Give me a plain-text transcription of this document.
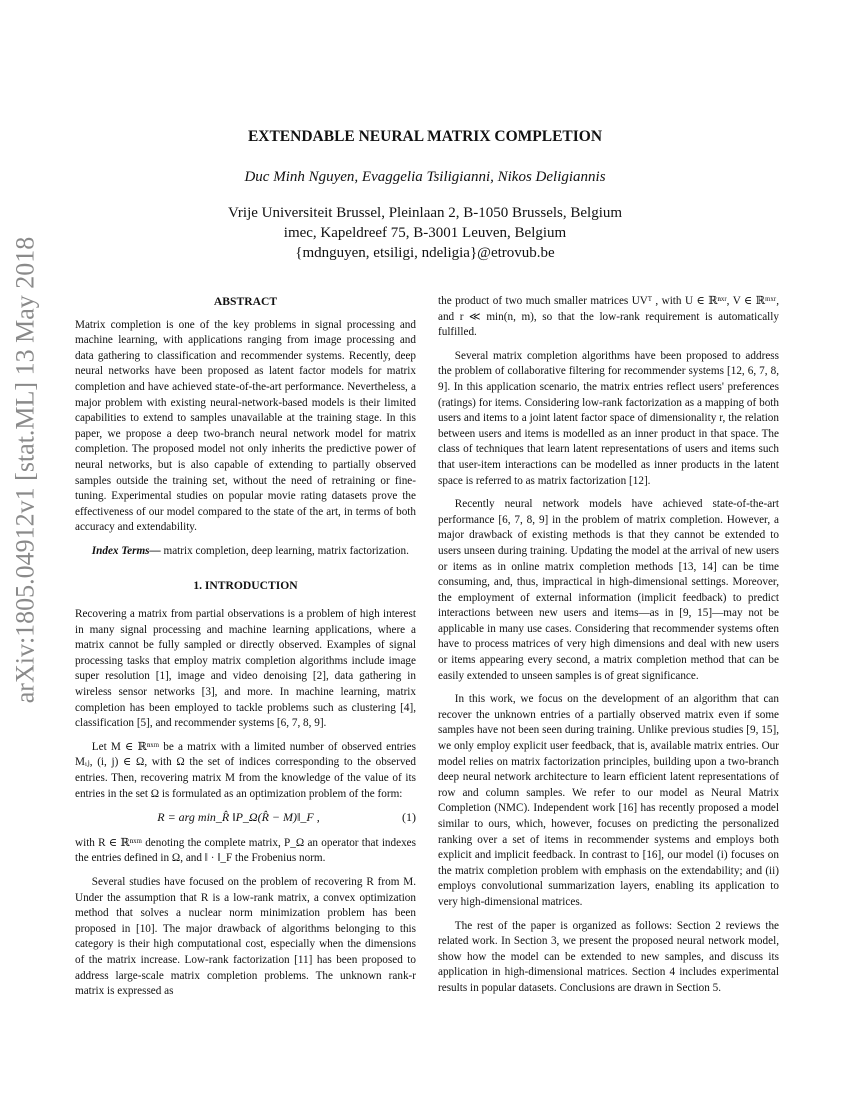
arXiv:1805.04912v1 [stat.ML] 13 May 2018
EXTENDABLE NEURAL MATRIX COMPLETION
Duc Minh Nguyen, Evaggelia Tsiligianni, Nikos Deligiannis
Vrije Universiteit Brussel, Pleinlaan 2, B-1050 Brussels, Belgium
imec, Kapeldreef 75, B-3001 Leuven, Belgium
{mdnguyen, etsiligi, ndeligia}@etrovub.be
ABSTRACT

Matrix completion is one of the key problems in signal processing and machine learning, with applications ranging from image processing and data gathering to classification and recommender systems. Recently, deep neural networks have been proposed as latent factor models for matrix completion and have achieved state-of-the-art performance. Nevertheless, a major problem with existing neural-network-based models is their limited capabilities to extend to samples unavailable at the training stage. In this paper, we propose a deep two-branch neural network model for matrix completion. The proposed model not only inherits the predictive power of neural networks, but is also capable of extending to partially observed samples outside the training set, without the need of retraining or fine-tuning. Experimental studies on popular movie rating datasets prove the effectiveness of our model compared to the state of the art, in terms of both accuracy and extendability.

Index Terms— matrix completion, deep learning, matrix factorization.

1. INTRODUCTION

Recovering a matrix from partial observations is a problem of high interest in many signal processing and machine learning applications, where a matrix cannot be fully sampled or directly observed. Examples of signal processing tasks that employ matrix completion algorithms include image super resolution [1], image and video denoising [2], data gathering in wireless sensor networks [3], and more. In machine learning, matrix completion has been employed to tackle problems such as clustering [4], classification [5], and recommender systems [6, 7, 8, 9].

Let M ∈ ℝⁿˣᵐ be a matrix with a limited number of observed entries Mᵢⱼ, (i, j) ∈ Ω, with Ω the set of indices corresponding to the observed entries. Then, recovering matrix M from the knowledge of the value of its entries in the set Ω is formulated as an optimization problem of the form:

R = arg min_R̂ ‖P_Ω(R̂ − M)‖_F ,	(1)

with R ∈ ℝⁿˣᵐ denoting the complete matrix, P_Ω an operator that indexes the entries defined in Ω, and ‖ · ‖_F the Frobenius norm.

Several studies have focused on the problem of recovering R from M. Under the assumption that R is a low-rank matrix, a convex optimization method that solves a nuclear norm minimization problem has been proposed in [10]. The major drawback of algorithms belonging to this category is their high computational cost, especially when the dimensions of the matrix increase. Low-rank factorization [11] has been proposed to address large-scale matrix completion problems. The unknown rank-r matrix is expressed as

the product of two much smaller matrices UVᵀ , with U ∈ ℝⁿˣʳ, V ∈ ℝᵐˣʳ, and r ≪ min(n, m), so that the low-rank requirement is automatically fulfilled.

Several matrix completion algorithms have been proposed to address the problem of collaborative filtering for recommender systems [12, 6, 7, 8, 9]. In this application scenario, the matrix entries reflect users' preferences (ratings) for items. Considering low-rank factorization as a mapping of both users and items to a joint latent factor space of dimensionality r, the relation between users and items is modelled as an inner product in that space. The class of techniques that learn latent representations of users and items such that user-item interactions can be modelled as inner products in the latent space is referred to as matrix factorization [12].

Recently neural network models have achieved state-of-the-art performance [6, 7, 8, 9] in the problem of matrix completion. However, a major drawback of existing methods is that they cannot be extended to users unseen during training. Updating the model at the arrival of new users or items as in online matrix completion methods [13, 14] can be time consuming, and, thus, impractical in high-dimensional settings. Moreover, the employment of external information (implicit feedback) to predict interactions between new users and items—as in [9, 15]—may not be applicable in many use cases. Considering that recommender systems often have to process matrices of very high dimensions and deal with new users or items appearing every second, a matrix completion method that can be easily extended to unseen samples is of great significance.

In this work, we focus on the development of an algorithm that can recover the unknown entries of a partially observed matrix even if some samples have not been seen during training. Unlike previous studies [9, 15], we only employ explicit user feedback, that is, available matrix entries. Our model relies on matrix factorization principles, building upon a two-branch deep neural network architecture to learn efficient latent representations of row and column samples. We refer to our model as Neural Matrix Completion (NMC). Independent work [16] has recently proposed a model similar to ours, which, however, focuses on predicting the personalized ranking over a set of items in recommender systems and employs both explicit and implicit feedback. In contrast to [16], our model (i) focuses on the matrix completion problem with emphasis on the extendability; and (ii) employs convolutional summarization layers, enabling its application to very high-dimensional matrices.

The rest of the paper is organized as follows: Section 2 reviews the related work. In Section 3, we present the proposed neural network model, show how the model can be extended to new samples, and discuss its application in high-dimensional matrices. Section 4 includes experimental results in popular datasets. Conclusions are drawn in Section 5.
